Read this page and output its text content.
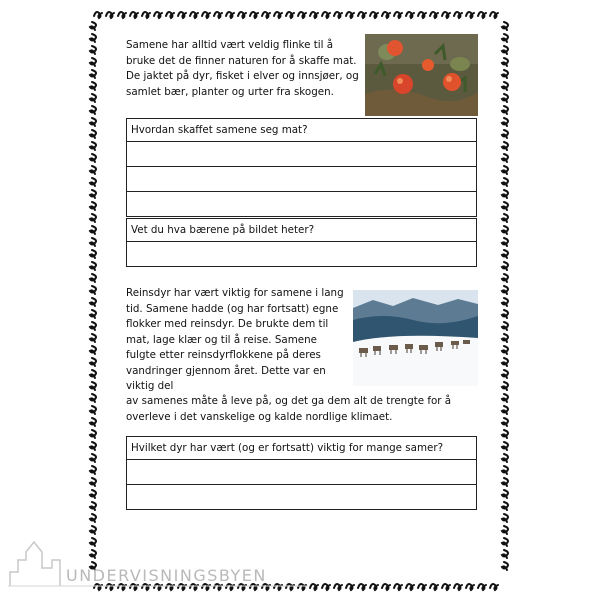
Samene har alltid vært veldig flinke til å bruke det de finner naturen for å skaffe mat. De jaktet på dyr, fisket i elver og innsjøer, og samlet bær, planter og urter fra skogen.

Hvordan skaffet samene seg mat?
Vet du hva bærene på bildet heter?

Reinsdyr har vært viktig for samene i lang tid. Samene hadde (og har fortsatt) egne flokker med reinsdyr. De brukte dem til mat, lage klær og til å reise. Samene fulgte etter reinsdyrflokkene på deres vandringer gjennom året. Dette var en viktig del

av samenes måte å leve på, og det ga dem alt de trengte for å overleve i det vanskelige og kalde nordlige klimaet.

Hvilket dyr har vært (og er fortsatt) viktig for mange samer?
UNDERVISNINGSBYEN
